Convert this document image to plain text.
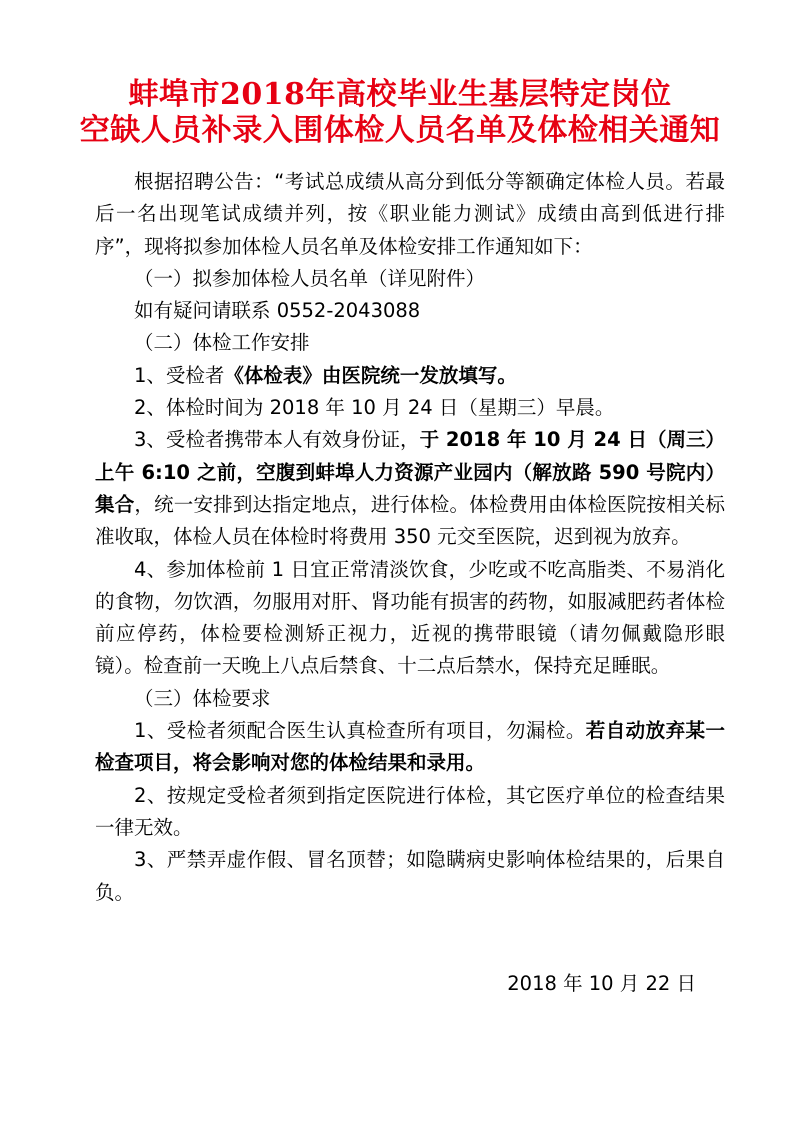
蚌埠市2018年高校毕业生基层特定岗位
空缺人员补录入围体检人员名单及体检相关通知

根据招聘公告：“考试总成绩从高分到低分等额确定体检人员。若最后一名出现笔试成绩并列，按《职业能力测试》成绩由高到低进行排序”，现将拟参加体检人员名单及体检安排工作通知如下：

（一）拟参加体检人员名单（详见附件）

如有疑问请联系 0552-2043088

（二）体检工作安排

1、受检者《体检表》由医院统一发放填写。

2、体检时间为 2018 年 10 月 24 日（星期三）早晨。

3、受检者携带本人有效身份证，于 2018 年 10 月 24 日（周三）上午 6:10 之前，空腹到蚌埠人力资源产业园内（解放路 590 号院内）集合，统一安排到达指定地点，进行体检。体检费用由体检医院按相关标准收取，体检人员在体检时将费用 350 元交至医院，迟到视为放弃。

4、参加体检前 1 日宜正常清淡饮食，少吃或不吃高脂类、不易消化的食物，勿饮酒，勿服用对肝、肾功能有损害的药物，如服减肥药者体检前应停药，体检要检测矫正视力，近视的携带眼镜（请勿佩戴隐形眼镜）。检查前一天晚上八点后禁食、十二点后禁水，保持充足睡眠。

（三）体检要求

1、受检者须配合医生认真检查所有项目，勿漏检。若自动放弃某一检查项目，将会影响对您的体检结果和录用。

2、按规定受检者须到指定医院进行体检，其它医疗单位的检查结果一律无效。

3、严禁弄虚作假、冒名顶替；如隐瞒病史影响体检结果的，后果自负。

2018 年 10 月 22 日
